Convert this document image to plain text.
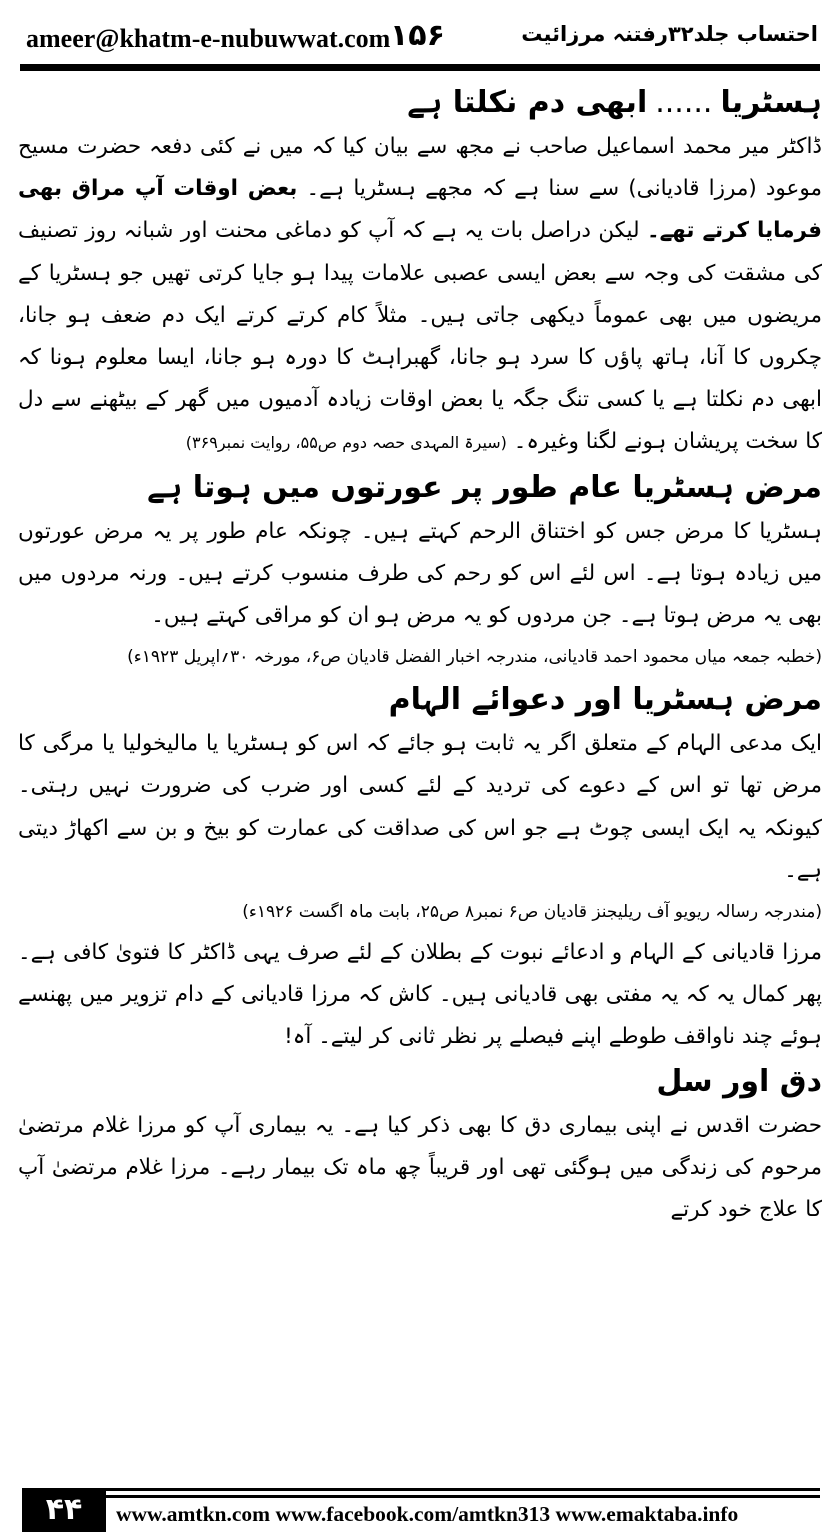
ameer@khatm-e-nubuwwat.com ۱۵۶	احتساب جلد۳۲رفتنہ مرزائیت
ہسٹریا......ابھی دم نکلتا ہے

ڈاکٹر میر محمد اسماعیل صاحب نے مجھ سے بیان کیا کہ میں نے کئی دفعہ حضرت مسیح موعود (مرزا قادیانی) سے سنا ہے کہ مجھے ہسٹریا ہے۔ بعض اوقات آپ مراق بھی فرمایا کرتے تھے۔ لیکن دراصل بات یہ ہے کہ آپ کو دماغی محنت اور شبانہ روز تصنیف کی مشقت کی وجہ سے بعض ایسی عصبی علامات پیدا ہو جایا کرتی تھیں جو ہسٹریا کے مریضوں میں بھی عموماً دیکھی جاتی ہیں۔ مثلاً کام کرتے کرتے ایک دم ضعف ہو جانا، چکروں کا آنا، ہاتھ پاؤں کا سرد ہو جانا، گھبراہٹ کا دورہ ہو جانا، ایسا معلوم ہونا کہ ابھی دم نکلتا ہے یا کسی تنگ جگہ یا بعض اوقات زیادہ آدمیوں میں گھر کے بیٹھنے سے دل کا سخت پریشان ہونے لگنا وغیرہ۔ (سیرۃ المہدی حصہ دوم ص۵۵، روایت نمبر۳۶۹)

مرض ہسٹریا عام طور پر عورتوں میں ہوتا ہے

ہسٹریا کا مرض جس کو اختناق الرحم کہتے ہیں۔ چونکہ عام طور پر یہ مرض عورتوں میں زیادہ ہوتا ہے۔ اس لئے اس کو رحم کی طرف منسوب کرتے ہیں۔ ورنہ مردوں میں بھی یہ مرض ہوتا ہے۔ جن مردوں کو یہ مرض ہو ان کو مراقی کہتے ہیں۔

(خطبہ جمعہ میاں محمود احمد قادیانی، مندرجہ اخبار الفضل قادیان ص۶، مورخہ ۳۰؍اپریل ۱۹۲۳ء)

مرض ہسٹریا اور دعوائے الہام

ایک مدعی الہام کے متعلق اگر یہ ثابت ہو جائے کہ اس کو ہسٹریا یا مالیخولیا یا مرگی کا مرض تھا تو اس کے دعوے کی تردید کے لئے کسی اور ضرب کی ضرورت نہیں رہتی۔ کیونکہ یہ ایک ایسی چوٹ ہے جو اس کی صداقت کی عمارت کو بیخ و بن سے اکھاڑ دیتی ہے۔

(مندرجہ رسالہ ریویو آف ریلیجنز قادیان ص۶ نمبر۸ ص۲۵، بابت ماہ اگست ۱۹۲۶ء)

مرزا قادیانی کے الہام و ادعائے نبوت کے بطلان کے لئے صرف یہی ڈاکٹر کا فتویٰ کافی ہے۔ پھر کمال یہ کہ یہ مفتی بھی قادیانی ہیں۔ کاش کہ مرزا قادیانی کے دام تزویر میں پھنسے ہوئے چند ناواقف طوطے اپنے فیصلے پر نظر ثانی کر لیتے۔ آہ!

دق اور سل

حضرت اقدس نے اپنی بیماری دق کا بھی ذکر کیا ہے۔ یہ بیماری آپ کو مرزا غلام مرتضیٰ مرحوم کی زندگی میں ہوگئی تھی اور قریباً چھ ماہ تک بیمار رہے۔ مرزا غلام مرتضیٰ آپ کا علاج خود کرتے

۴۴	www.amtkn.com www.facebook.com/amtkn313 www.emaktaba.info
